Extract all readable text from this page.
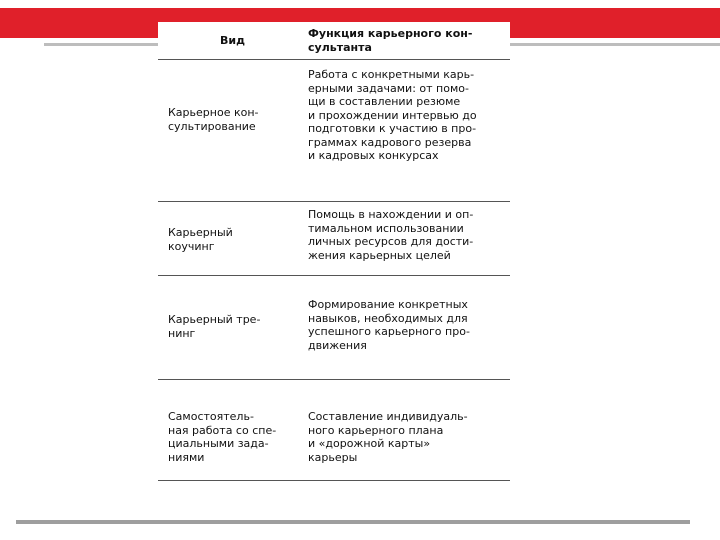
Вид
Функция карьерного кон-
сультанта
Карьерное кон-
сультирование
Работа с конкретными карь-
ерными задачами: от помо-
щи в составлении резюме
и прохождении интервью до
подготовки к участию в про-
граммах кадрового резерва
и кадровых конкурсах
Карьерный
коучинг
Помощь в нахождении и оп-
тимальном использовании
личных ресурсов для дости-
жения карьерных целей
Карьерный тре-
нинг
Формирование конкретных
навыков, необходимых для
успешного карьерного про-
движения
Самостоятель-
ная работа со спе-
циальными зада-
ниями
Составление индивидуаль-
ного карьерного плана
и «дорожной карты»
карьеры
